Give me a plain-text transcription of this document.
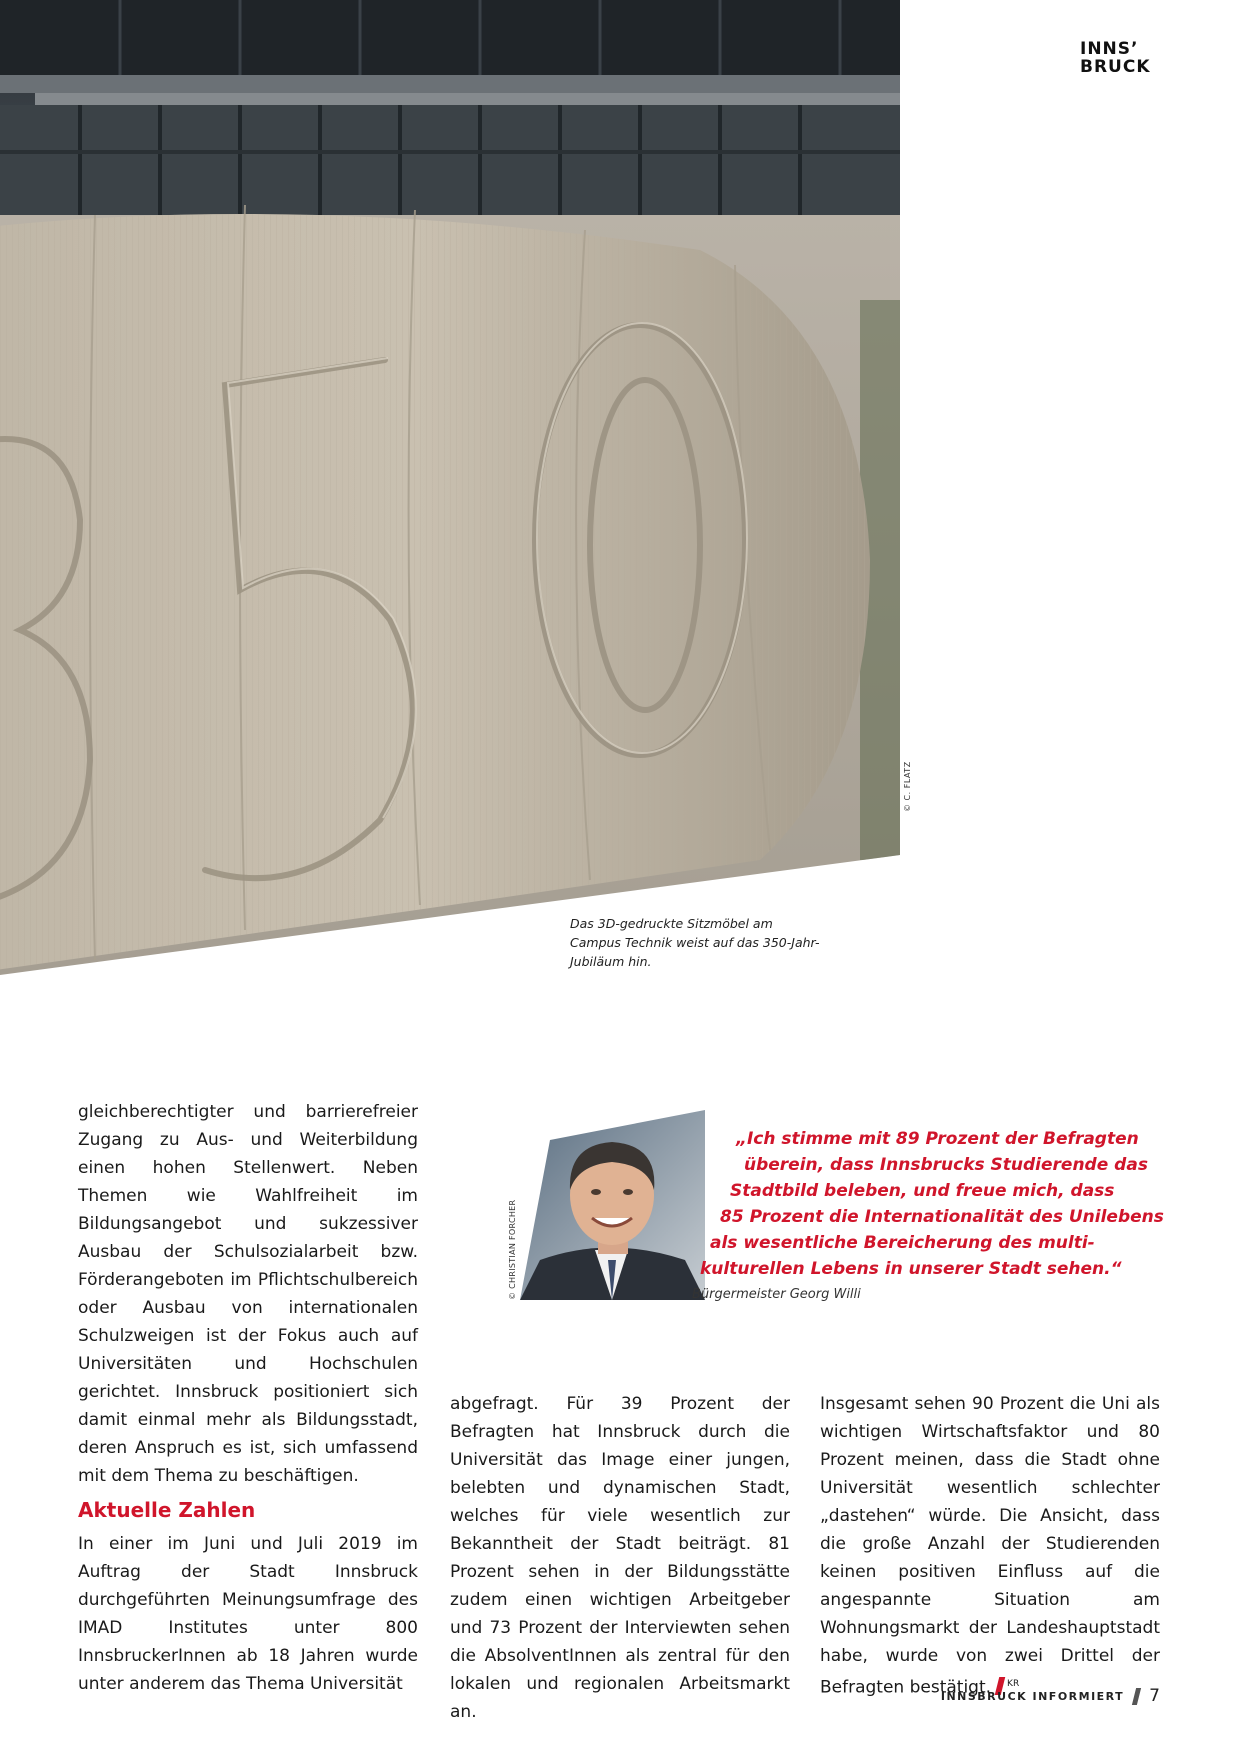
© C. FLATZ
INNS’
BRUCK
Das 3D-gedruckte Sitzmöbel am Campus Technik weist auf das 350-Jahr-Jubiläum hin.

gleichberechtigter und barrierefreier Zugang zu Aus- und Weiterbildung einen hohen Stellenwert. Neben Themen wie Wahlfreiheit im Bildungsangebot und sukzessiver Ausbau der Schulsozialarbeit bzw. Förderangeboten im Pflichtschulbereich oder Ausbau von internationalen Schulzweigen ist der Fokus auch auf Universitäten und Hochschulen gerichtet. Innsbruck positioniert sich damit einmal mehr als Bildungsstadt, deren Anspruch es ist, sich umfassend mit dem Thema zu beschäftigen.

Aktuelle Zahlen

In einer im Juni und Juli 2019 im Auftrag der Stadt Innsbruck durchgeführten Meinungsumfrage des IMAD Institutes unter 800 InnsbruckerInnen ab 18 Jahren wurde unter anderem das Thema Universität

© CHRISTIAN FORCHER
„Ich stimme mit 89 Prozent der Befragten
überein, dass Innsbrucks Studierende das
Stadtbild beleben, und freue mich, dass
85 Prozent die Internationalität des Unilebens
als wesentliche Bereicherung des multi-
kulturellen Lebens in unserer Stadt sehen.“
Bürgermeister Georg Willi

abgefragt. Für 39 Prozent der Befragten hat Innsbruck durch die Universität das Image einer jungen, belebten und dynamischen Stadt, welches für viele wesentlich zur Bekanntheit der Stadt beiträgt. 81 Prozent sehen in der Bildungsstätte zudem einen wichtigen Arbeitgeber und 73 Prozent der Interviewten sehen die AbsolventInnen als zentral für den lokalen und regionalen Arbeitsmarkt an.

Insgesamt sehen 90 Prozent die Uni als wichtigen Wirtschaftsfaktor und 80 Prozent meinen, dass die Stadt ohne Universität wesentlich schlechter „dastehen“ würde. Die Ansicht, dass die große Anzahl der Studierenden keinen positiven Einfluss auf die angespannte Situation am Wohnungsmarkt der Landeshauptstadt habe, wurde von zwei Drittel der Befragten bestätigt. $^{KR}$

INNSBRUCK INFORMIERT 7
